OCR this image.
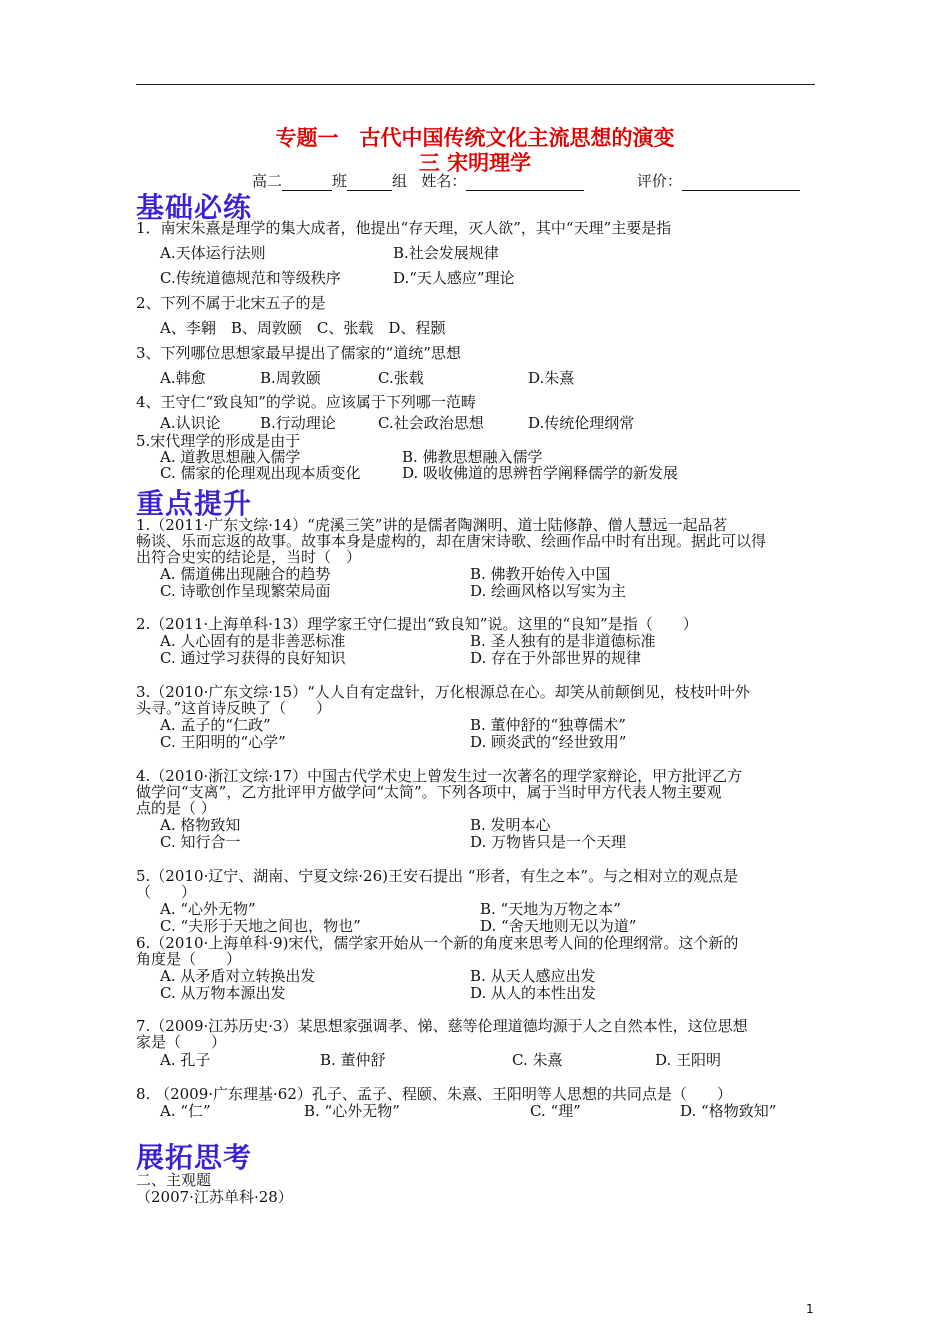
专题一　古代中国传统文化主流思想的演变
三 宋明理学
高二	班	组 姓名：	评价：
基础必练
1．南宋朱熹是理学的集大成者，他提出“存天理，灭人欲”，其中“天理”主要是指
A.天体运行法则	B.社会发展规律
C.传统道德规范和等级秩序	D.“天人感应”理论
2、下列不属于北宋五子的是
A、李翱　B、周敦颐　C、张载　D、程颢
3、下列哪位思想家最早提出了儒家的“道统”思想
A.韩愈	B.周敦颐	C.张载	D.朱熹
4、王守仁“致良知”的学说。应该属于下列哪一范畴
A.认识论	B.行动理论	C.社会政治思想	D.传统伦理纲常
5.宋代理学的形成是由于
A. 道教思想融入儒学	B. 佛教思想融入儒学
C. 儒家的伦理观出现本质变化	D. 吸收佛道的思辨哲学阐释儒学的新发展
重点提升
1.（2011·广东文综·14）“虎溪三笑”讲的是儒者陶渊明、道士陆修静、僧人慧远一起品茗
畅谈、乐而忘返的故事。故事本身是虚构的，却在唐宋诗歌、绘画作品中时有出现。据此可以得
出符合史实的结论是，当时（　）
A. 儒道佛出现融合的趋势	B. 佛教开始传入中国
C. 诗歌创作呈现繁荣局面	D. 绘画风格以写实为主
2.（2011·上海单科·13）理学家王守仁提出“致良知”说。这里的“良知”是指（　　）
A. 人心固有的是非善恶标准	B. 圣人独有的是非道德标准
C. 通过学习获得的良好知识	D. 存在于外部世界的规律
3.（2010·广东文综·15）“人人自有定盘针，万化根源总在心。却笑从前颠倒见，枝枝叶叶外
头寻。”这首诗反映了（　　）
A. 孟子的“仁政”	B. 董仲舒的“独尊儒术”
C. 王阳明的“心学”	D. 顾炎武的“经世致用”
4.（2010·浙江文综·17）中国古代学术史上曾发生过一次著名的理学家辩论，甲方批评乙方
做学问“支离”，乙方批评甲方做学问“太简”。下列各项中，属于当时甲方代表人物主要观
点的是（ ）
A. 格物致知	B. 发明本心
C. 知行合一	D. 万物皆只是一个天理
5.（2010·辽宁、湖南、宁夏文综·26)王安石提出 “形者，有生之本”。与之相对立的观点是
（　　）
A. “心外无物”	B. “天地为万物之本”
C. “夫形于天地之间也，物也”	D. “舍天地则无以为道”
6.（2010·上海单科·9)宋代，儒学家开始从一个新的角度来思考人间的伦理纲常。这个新的
角度是（　　）
A. 从矛盾对立转换出发	B. 从天人感应出发
C. 从万物本源出发	D. 从人的本性出发
7.（2009·江苏历史·3）某思想家强调孝、悌、慈等伦理道德均源于人之自然本性，这位思想
家是（　　）
A. 孔子	B. 董仲舒	C. 朱熹	D. 王阳明
8. （2009·广东理基·62）孔子、孟子、程颐、朱熹、王阳明等人思想的共同点是（　　）
A. “仁”	B. “心外无物”	C. “理”	D. “格物致知”
展拓思考
二、主观题
（2007·江苏单科·28）
1
